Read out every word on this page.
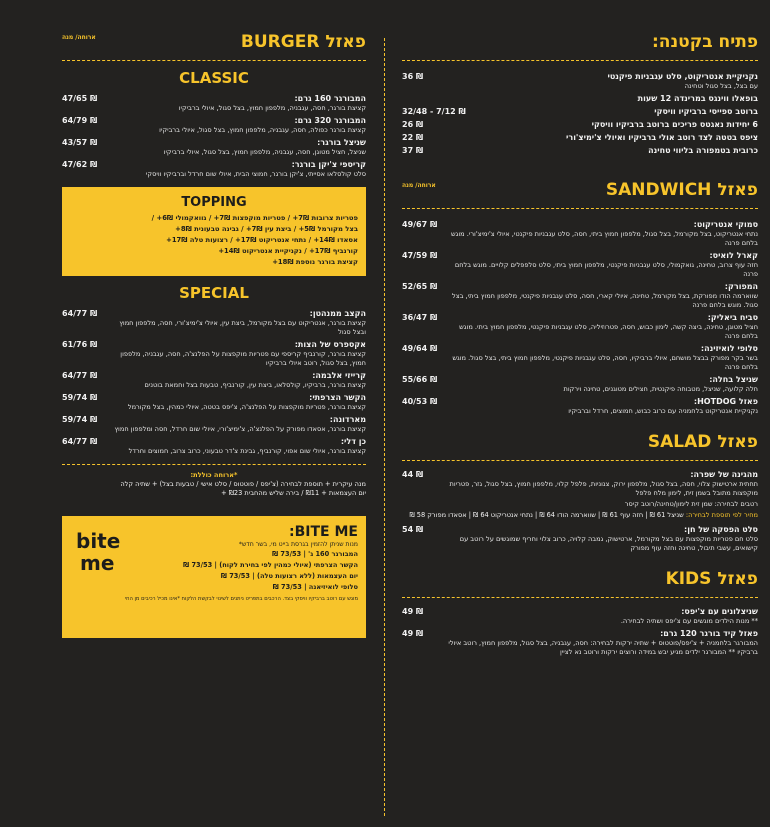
פתיח בקטנה:
נקניקיית אנטריקוט, סלט עגבניות פיקנטי
עם בצל, בצל סגול וטחינה
36 ₪
בופאלו ווינגס במרינדה 12 שעות
ברוטב ספייסי ברביקיו וויסקי
32/48 - 7/12 ₪
6 יחידות נאגטס פריכים ברוטב ברביקיו וויסקי
26 ₪
ציפס בטטה לצד רוטב אולי ברביקיו ואיולי צ'ימיצ'ורי
22 ₪
כרובית בטמפורה בליווי טחינה
37 ₪
פאזל SANDWICH
ארוחה/ מנה
סמוקי אנטריקוט:
נתחי אנטריקוט, בצל מקורמל, בצל סגול, מלפפון חמוץ ביתי, חסה, סלט עגבניות פיקנטי, איולי צ'ימיצ'ורי. מוגש בלחם פרנה
49/67 ₪
קארל לואיס:
חזה עוף צרוב, טחינה, גואקמולי, סלט עגבניות פיקנטי, מלפפון חמוץ ביתי, סלט סלפפלים קלויים. מוגש בלחם פרנה
47/59 ₪
המפורק:
שווארמה הודו מפורקת, בצל מקורמל, טחינה, איולי קארי, חסה, סלט עגבניות פיקנטי, מלפפון חמוץ ביתי, בצל סגול. מוגש בלחם פרנה
52/65 ₪
סביח ביאליק:
חציל מטוגן, טחינה, ביצה קשה, לימון כבוש, חסה, פטרוזיליה, סלט עגבניות פיקנטי, מלפפון חמוץ ביתי. מוגש בלחם פרנה
36/47 ₪
סלופי לואיזינה:
בשר בקר מפורק בבצל מושחם, איולי ברביקיו, חסה, סלט עגבניות פיקנטי, מלפפון חמוץ ביתי, בצל סגול. מוגש בלחם פרנה
49/64 ₪
שניצל בחלה:
חלה קלועה, שניצל, מטבוחה פיקנטית, חצילים מטוגנים, טחינה וירקות
55/66 ₪
פאזל HOTDOG:
נקניקיית אנטריקוט בלחמניה עם כרוב כבוש, חמוצים, חרדל וברביקיו
40/53 ₪
פאזל SALAD
מהגינה של שפרה:
תחתית ארטישוק צלוי, חסה, בצל סגול, מלפפון ירוק, צנוניות, פלפל קלוי, מלפפון חמוץ, בצל סגול, גזר, פטריות מוקפצות מתובל בשמן זית, לימון מלח פלפל
44 ₪
רטבים לבחירה: שמן זית לימון/טחינה/רוטב קיסר
מחיר לפי תוספת לבחירה: שניצל 61 ₪ | חזה עוף 61 ₪ | שווארמה הודו 64 ₪ | נתחי אנטריקוט 64 ₪ | אסאדו מפורק 58 ₪
סלט הפסקה של חן:
סלט חם פטריות מוקפצות עם בצל מקורמל, ארטישוק, גמבה קלויה, כרוב צלוי וחריף שמוגשים על רוטב עם קישואים, עשבי תיבול, טחינה וחזה עוף מפורק
54 ₪
פאזל KIDS
שניצלונים עם צ'יפס:
** מנות הילדים מוגשים עם צ'יפס ושתיה לבחירה.
49 ₪
פאזל קיד בורגר 120 גרם:
המבורגר בלחמניה + צ'יפס/פוטטוס + שתיה ירקות לבחירה: חסה, עגבניה, בצל סגול, מלפפון חמוץ, רוטב איולי ברביקיו ** המבורגר ילדים מגיע יבש במידה ורוצים ירקות ורוטב נא לציין
49 ₪
פאזל BURGER
ארוחה/ מנה
CLASSIC
המבורגר 160 גרם:
קציצת בורגר, חסה, עגבניה, מלפפון חמוץ, בצל סגול, איולי ברביקיו
47/65 ₪
המבורגר 320 גרם:
קציצת בורגר כפולה, חסה, עגבניה, מלפפון חמוץ, בצל סגול, איולי ברביקיו
64/79 ₪
שניצל בורגר:
שניצל, חציל מטוגן, חסה, עגבניה, מלפפון חמוץ, בצל סגול, איולי ברביקיו
43/57 ₪
קריספי צ'יקן בורגר:
סלט קולסלאו אסייתי, צ'יקן בורגר, חמוצי הבית, איולי שום חרדל וברביקיו וויסקי
47/62 ₪
TOPPING
פטריות צרובות 7₪+ / פטריות מוקפצות 7₪+ / גוואקמולי 6₪+ /
בצל מקורמל 5₪+ / ביצת עין 7₪+ / גבינה טבעונית 8₪+
אסאדו 14₪+ / נתחי אנטריקוט 17₪+ / רצועות טלה 17₪+
קורנביף 17₪+ / נקניקיית אנטריקוט 14₪+
קציצת בורגר נוספת 18₪+
SPECIAL
הקצב ממנהטן:
קציצת בורגר, אנטריקוט עם בצל מקורמל, ביצת עין, איולי צ'ימיצ'ורי, חסה, מלפפון חמוץ ובצל סגול
64/77 ₪
אקספרס של הצות:
קציצת בורגר, קורנביף קריספי עם פטריות מוקפצות על הפלנצ'ה, חסה, עגבניה, מלפפון חמוץ, בצל סגול, רוטב איולי ברביקיו
61/76 ₪
קרייזי אלבמה:
קציצת בורגר, ברביקיו, קולסלאו, ביצת עין, קורנביף, טבעות בצל וחמאת בוטנים
64/77 ₪
הקשר הצרפתי:
קציצת בורגר, פטריות מוקפצות על הפלנצ'ה, צ'יפס בטטה, איולי כמהין, בצל מקורמל
59/74 ₪
מארדונה:
קציצת בורגר, אסאדו מפורק על הפלנצ'ה, צ'ימיצ'ורי, איולי שום חרדל, חסה ומלפפון חמוץ
59/74 ₪
כן דלי:
קציצת בורגר, איולי שום אפוי, קורנביף, גבינת צ'דר טבעוני, כרוב צרוב, חמוצים וחרדל
64/77 ₪
*ארוחה כוללת:
מנה עיקרית + תוספת לבחירה (צ'יפס / פוטטוס / סלט אישי / טבעות בצל) + שתיה קלה
יום העצמאות + ₪11 / בירה שליש מהחבית ₪23 +
bite
me
BITE ME:
מנות שניתן להזמין בגרסת בייט מי, בשר חדש*
המבורגר 160 ג' | 73/53 ₪
הקשר הצרפתי (איולי כמהין לפי בחירת לקוח) | 73/53 ₪
יום העצמאות (ללא רצועות טלה) | 73/53 ₪
סלופי לואיזיאנה | 73/53 ₪
מוגש עם רוטב ברביקיו וויסקי בצד. הרכבים בתפריט ניתנים לשינוי לבקשת הלקוח *אינו מכיל רכיבים מן החי
